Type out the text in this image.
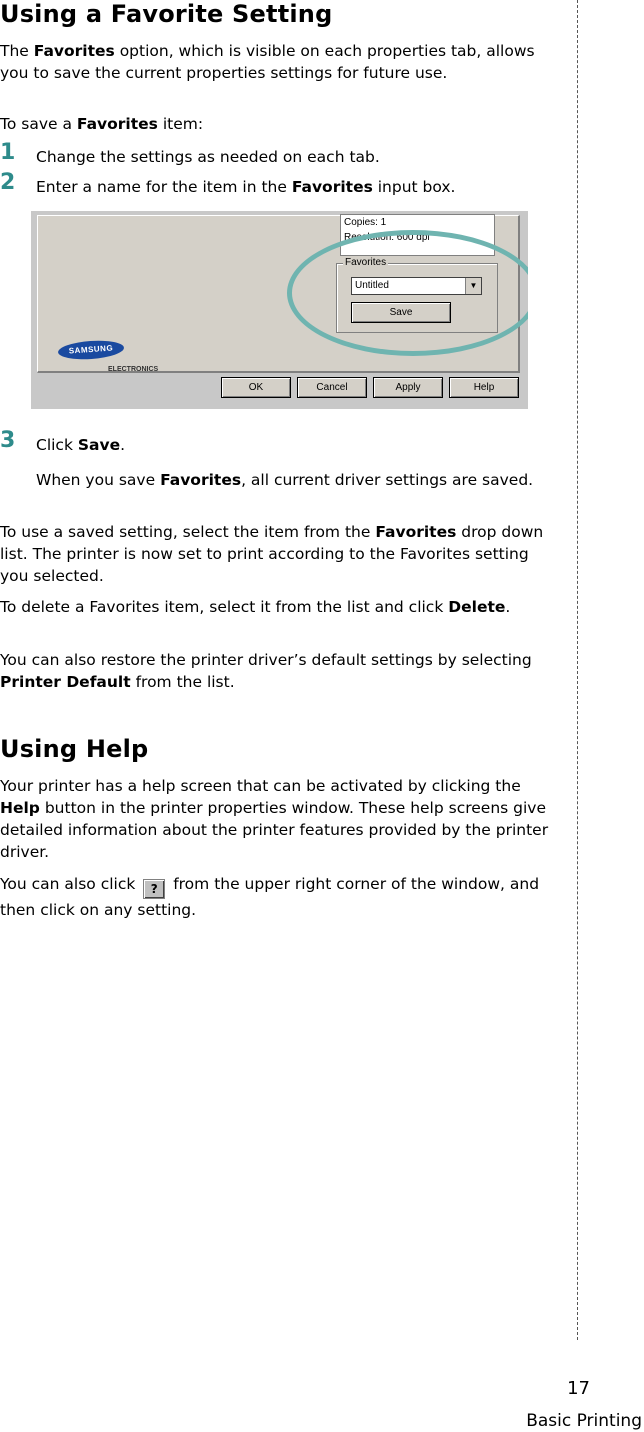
Using a Favorite Setting

The Favorites option, which is visible on each properties tab, allows you to save the current properties settings for future use.

To save a Favorites item:

1 Change the settings as needed on each tab.
2 Enter a name for the item in the Favorites input box.
Copies: 1
Resolution: 600 dpi
Favorites
Untitled	▼
Save
SAMSUNG
ELECTRONICS
OK	Cancel	Apply	Help
3 Click Save.

When you save Favorites, all current driver settings are saved.

To use a saved setting, select the item from the Favorites drop down list. The printer is now set to print according to the Favorites setting you selected.

To delete a Favorites item, select it from the list and click Delete.

You can also restore the printer driver’s default settings by selecting Printer Default from the list.

Using Help

Your printer has a help screen that can be activated by clicking the Help button in the printer properties window. These help screens give detailed information about the printer features provided by the printer driver.

You can also click ? from the upper right corner of the window, and then click on any setting.

17
Basic Printing
